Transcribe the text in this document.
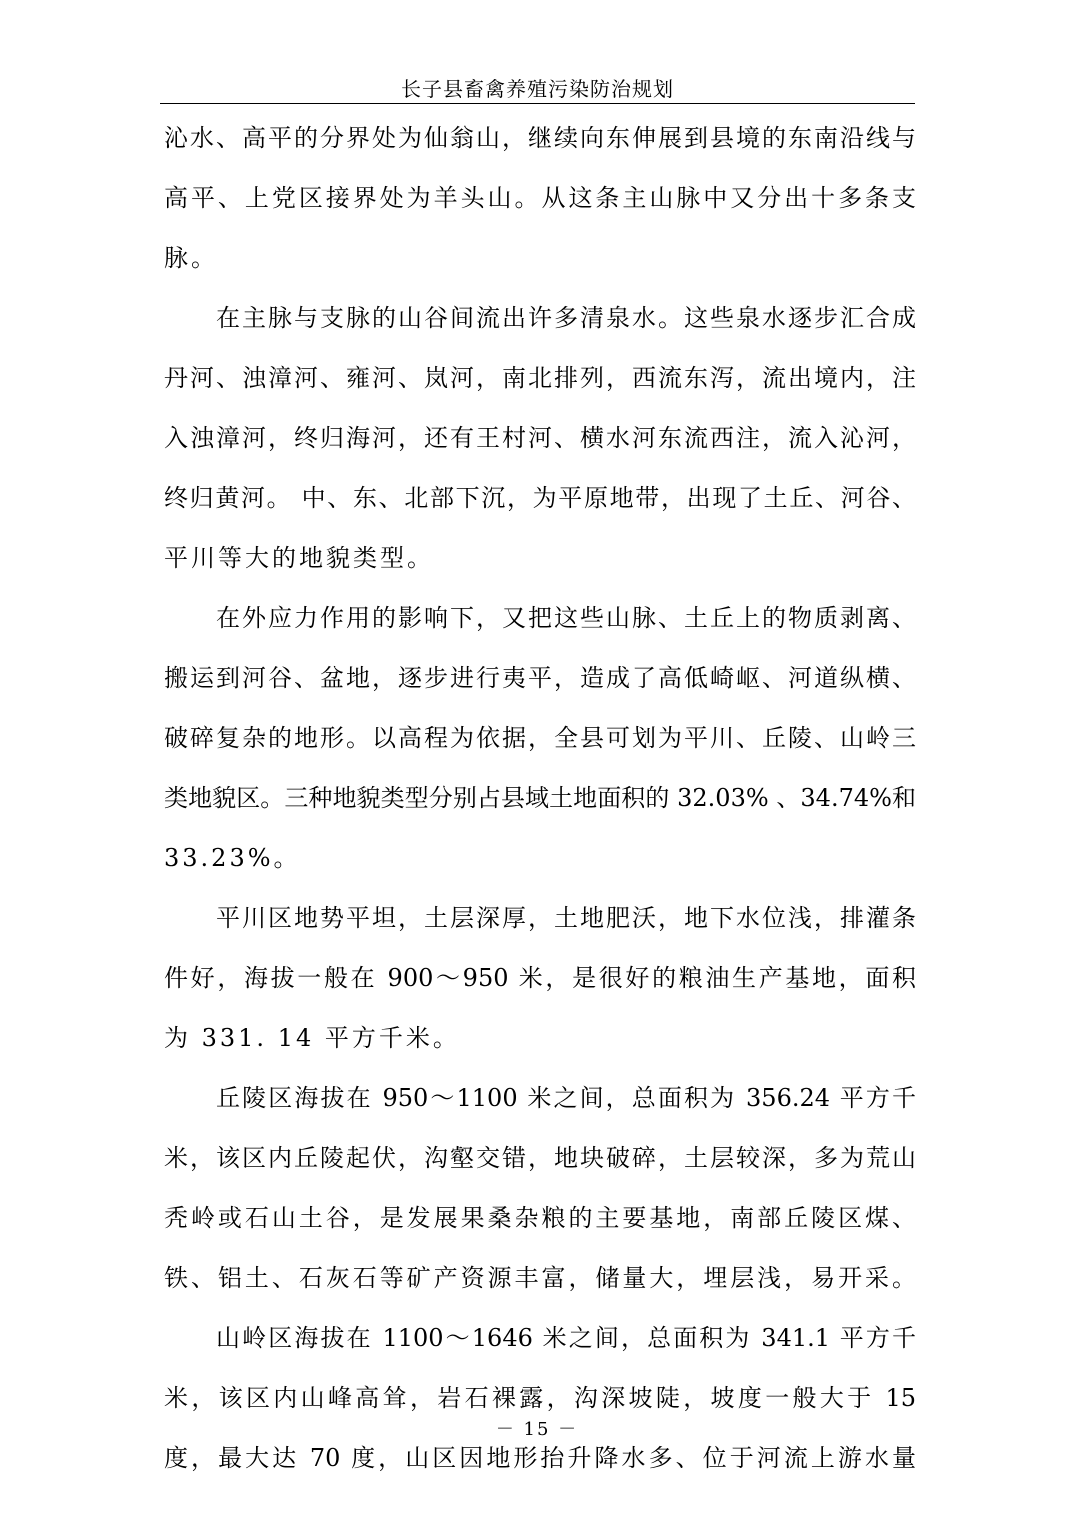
长子县畜禽养殖污染防治规划
沁水、高平的分界处为仙翁山，继续向东伸展到县境的东南沿线与
高平、上党区接界处为羊头山。从这条主山脉中又分出十多条支
脉。
在主脉与支脉的山谷间流出许多清泉水。这些泉水逐步汇合成
丹河、浊漳河、雍河、岚河，南北排列，西流东泻，流出境内，注
入浊漳河，终归海河，还有王村河、横水河东流西注，流入沁河，
终归黄河。 中、东、北部下沉，为平原地带，出现了土丘、河谷、
平川等大的地貌类型。
在外应力作用的影响下，又把这些山脉、土丘上的物质剥离、
搬运到河谷、盆地，逐步进行夷平，造成了高低崎岖、河道纵横、
破碎复杂的地形。以高程为依据，全县可划为平川、丘陵、山岭三
类地貌区。三种地貌类型分别占县域土地面积的 32.03% 、34.74%和
33.23%。
平川区地势平坦，土层深厚，土地肥沃，地下水位浅，排灌条
件好，海拔一般在 900～950 米，是很好的粮油生产基地，面积
为 331. 14 平方千米。
丘陵区海拔在 950～1100 米之间，总面积为 356.24 平方千
米，该区内丘陵起伏，沟壑交错，地块破碎，土层较深，多为荒山
秃岭或石山土谷，是发展果桑杂粮的主要基地，南部丘陵区煤、
铁、铝土、石灰石等矿产资源丰富，储量大，埋层浅，易开采。
山岭区海拔在 1100～1646 米之间，总面积为 341.1 平方千
米，该区内山峰高耸，岩石裸露，沟深坡陡，坡度一般大于 15
度，最大达 70 度，山区因地形抬升降水多、位于河流上游水量
－ 15 －
